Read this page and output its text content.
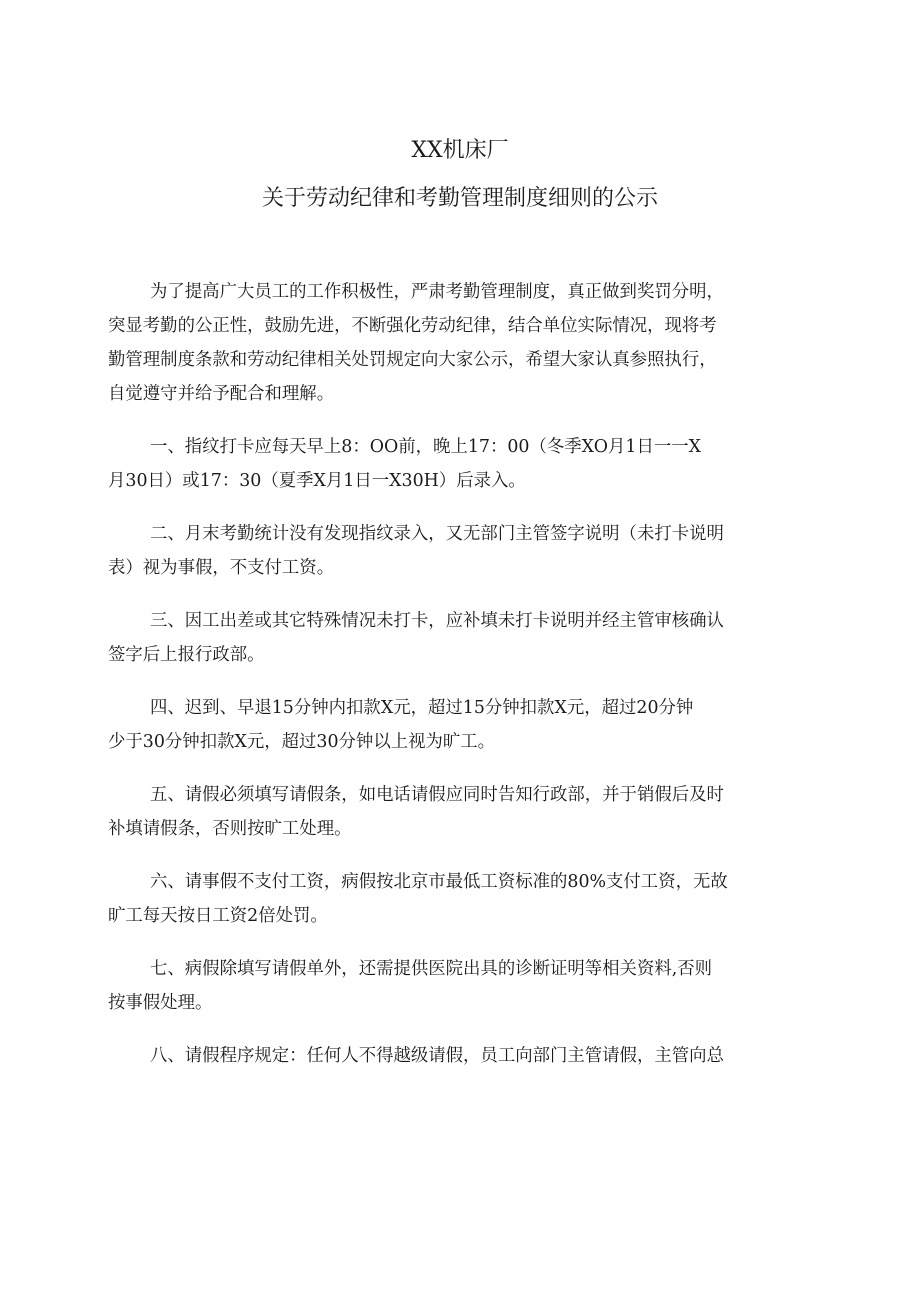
XX机床厂
关于劳动纪律和考勤管理制度细则的公示

为了提高广大员工的工作积极性，严肃考勤管理制度，真正做到奖罚分明，
突显考勤的公正性，鼓励先进，不断强化劳动纪律，结合单位实际情况，现将考
勤管理制度条款和劳动纪律相关处罚规定向大家公示，希望大家认真参照执行，
自觉遵守并给予配合和理解。

一、指纹打卡应每天早上8：OO前，晚上17：00（冬季XO月1日一一X
月30日）或17：30（夏季X月1日一X30H）后录入。

二、月末考勤统计没有发现指纹录入，又无部门主管签字说明（未打卡说明
表）视为事假，不支付工资。

三、因工出差或其它特殊情况未打卡，应补填未打卡说明并经主管审核确认
签字后上报行政部。

四、迟到、早退15分钟内扣款X元，超过15分钟扣款X元，超过20分钟
少于30分钟扣款X元，超过30分钟以上视为旷工。

五、请假必须填写请假条，如电话请假应同时告知行政部，并于销假后及时
补填请假条，否则按旷工处理。

六、请事假不支付工资，病假按北京市最低工资标准的80%支付工资，无故
旷工每天按日工资2倍处罚。

七、病假除填写请假单外，还需提供医院出具的诊断证明等相关资料,否则
按事假处理。

八、请假程序规定：任何人不得越级请假，员工向部门主管请假，主管向总
